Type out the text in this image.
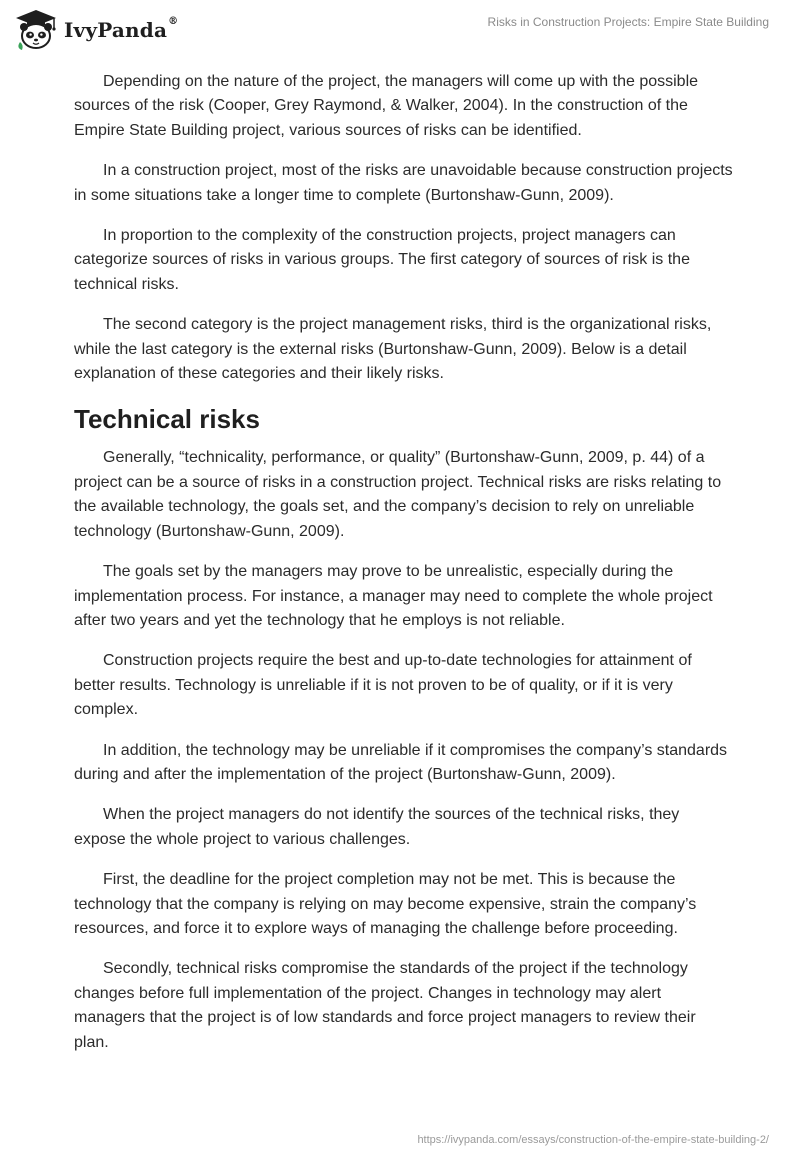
IvyPanda®	Risks in Construction Projects: Empire State Building

Depending on the nature of the project, the managers will come up with the possible sources of the risk (Cooper, Grey Raymond, & Walker, 2004). In the construction of the Empire State Building project, various sources of risks can be identified.

In a construction project, most of the risks are unavoidable because construction projects in some situations take a longer time to complete (Burtonshaw-Gunn, 2009).

In proportion to the complexity of the construction projects, project managers can categorize sources of risks in various groups. The first category of sources of risk is the technical risks.

The second category is the project management risks, third is the organizational risks, while the last category is the external risks (Burtonshaw-Gunn, 2009). Below is a detail explanation of these categories and their likely risks.

Technical risks

Generally, “technicality, performance, or quality” (Burtonshaw-Gunn, 2009, p. 44) of a project can be a source of risks in a construction project. Technical risks are risks relating to the available technology, the goals set, and the company’s decision to rely on unreliable technology (Burtonshaw-Gunn, 2009).

The goals set by the managers may prove to be unrealistic, especially during the implementation process. For instance, a manager may need to complete the whole project after two years and yet the technology that he employs is not reliable.

Construction projects require the best and up-to-date technologies for attainment of better results. Technology is unreliable if it is not proven to be of quality, or if it is very complex.

In addition, the technology may be unreliable if it compromises the company’s standards during and after the implementation of the project (Burtonshaw-Gunn, 2009).

When the project managers do not identify the sources of the technical risks, they expose the whole project to various challenges.

First, the deadline for the project completion may not be met. This is because the technology that the company is relying on may become expensive, strain the company’s resources, and force it to explore ways of managing the challenge before proceeding.

Secondly, technical risks compromise the standards of the project if the technology changes before full implementation of the project. Changes in technology may alert managers that the project is of low standards and force project managers to review their plan.

https://ivypanda.com/essays/construction-of-the-empire-state-building-2/
